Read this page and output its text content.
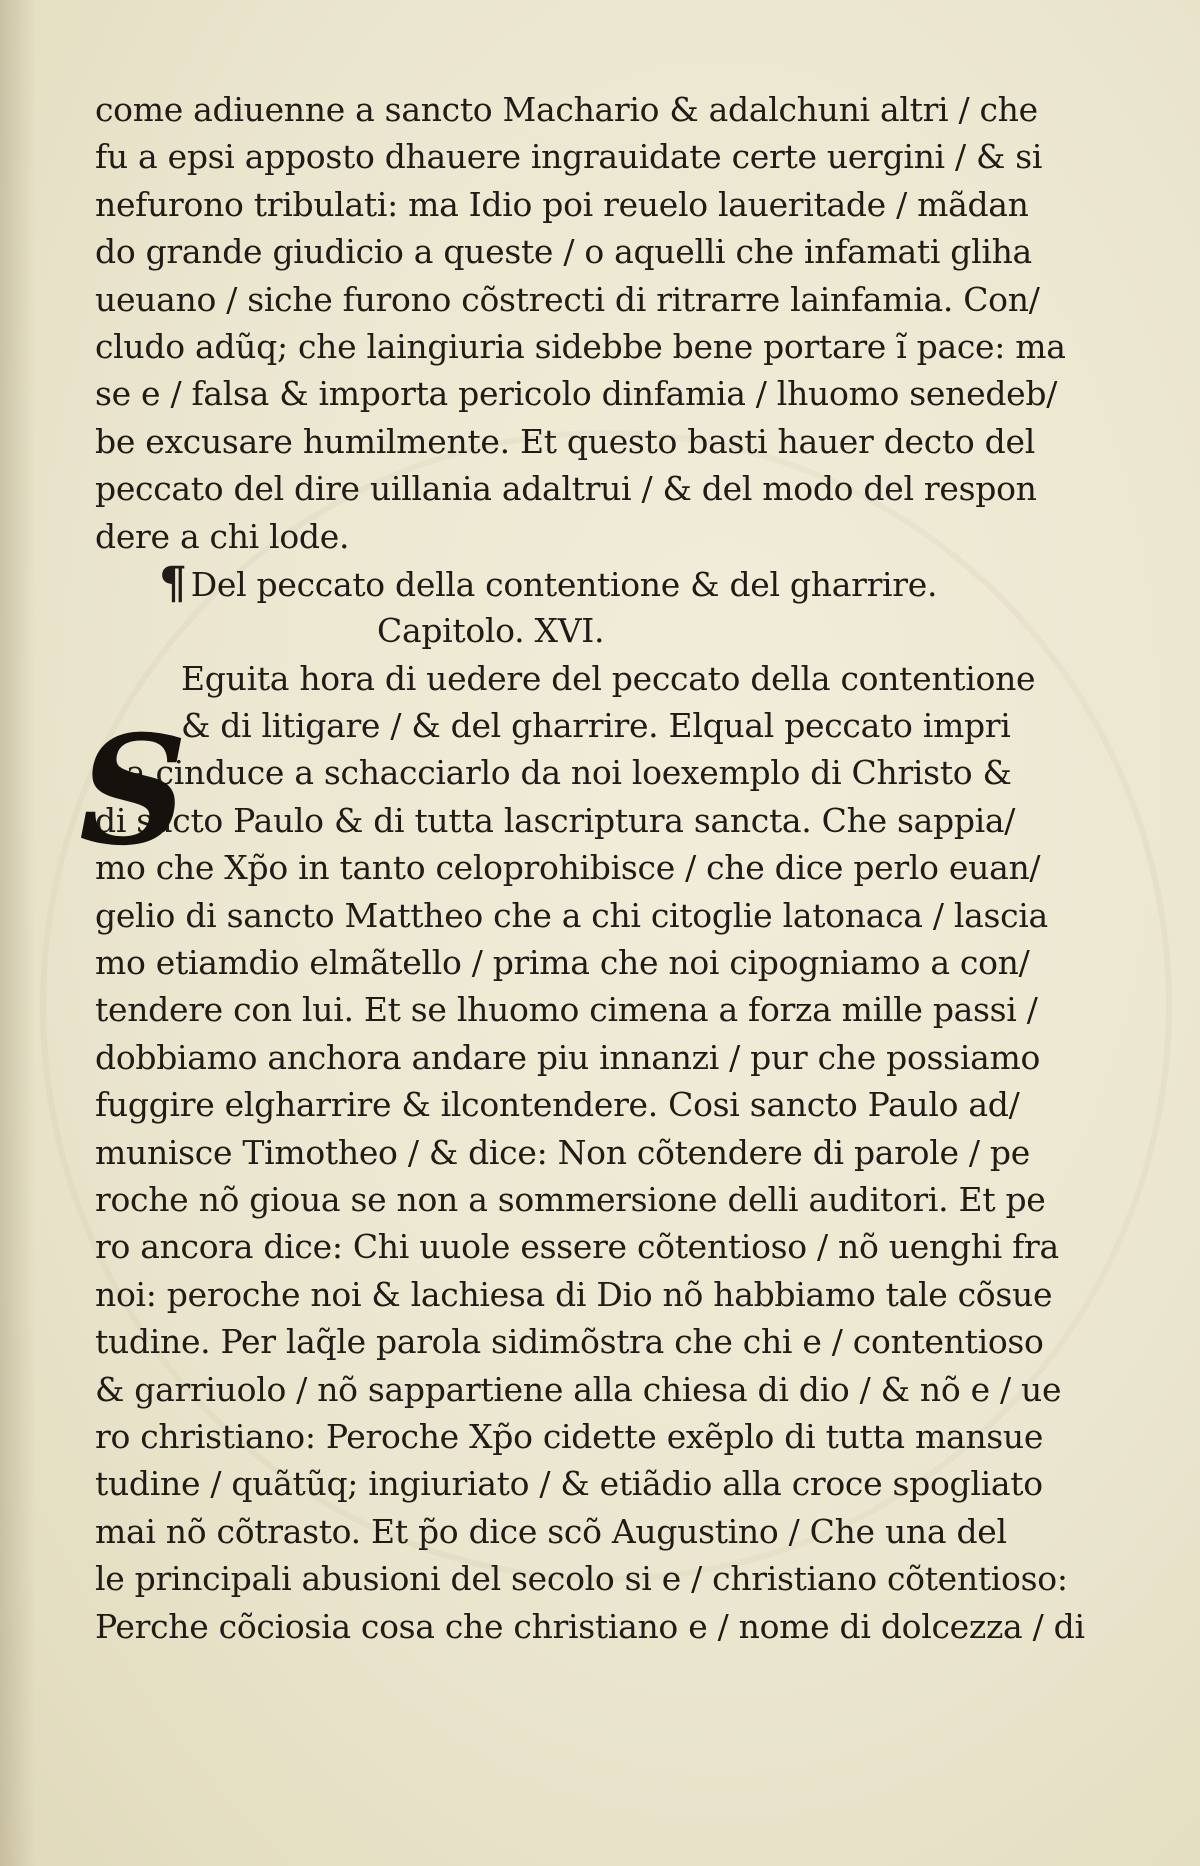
come adiuenne a sancto Machario & adalchuni altri / che
fu a epsi apposto dhauere ingrauidate certe uergini / & si
nefurono tribulati: ma Idio poi reuelo laueritade / mãdan
do grande giudicio a queste / o aquelli che infamati gliha
ueuano / siche furono cõstrecti di ritrarre lainfamia. Con/
cludo adũq; che laingiuria sidebbe bene portare ĩ pace: ma
se e / falsa & importa pericolo dinfamia / lhuomo senedeb/
be excusare humilmente. Et questo basti hauer decto del
peccato del dire uillania adaltrui / & del modo del respon
dere a chi lode.
¶ Del peccato della contentione & del gharrire.
Capitolo. XVI.
Eguita hora di uedere del peccato della contentione
& di litigare / & del gharrire. Elqual peccato impri
ma cinduce a schacciarlo da noi loexemplo di Christo &
di sãcto Paulo & di tutta lascriptura sancta. Che sappia/
mo che Xp̃o in tanto celoprohibisce / che dice perlo euan/
gelio di sancto Mattheo che a chi citoglie latonaca / lascia
mo etiamdio elmãtello / prima che noi cipogniamo a con/
tendere con lui. Et se lhuomo cimena a forza mille passi /
dobbiamo anchora andare piu innanzi / pur che possiamo
fuggire elgharrire & ilcontendere. Cosi sancto Paulo ad/
munisce Timotheo / & dice: Non cõtendere di parole / pe
roche nõ gioua se non a sommersione delli auditori. Et pe
ro ancora dice: Chi uuole essere cõtentioso / nõ uenghi fra
noi: peroche noi & lachiesa di Dio nõ habbiamo tale cõsue
tudine. Per laq̃le parola sidimõstra che chi e / contentioso
& garriuolo / nõ sappartiene alla chiesa di dio / & nõ e / ue
ro christiano: Peroche Xp̃o cidette exẽplo di tutta mansue
tudine / quãtũq; ingiuriato / & etiãdio alla croce spogliato
mai nõ cõtrasto. Et p̃o dice scõ Augustino / Che una del
le principali abusioni del secolo si e / christiano cõtentioso:
Perche cõciosia cosa che christiano e / nome di dolcezza / di
S
